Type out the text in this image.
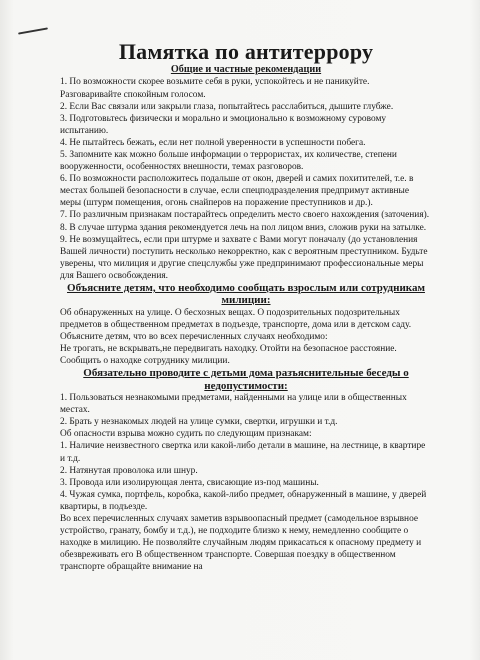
Памятка по антитеррору
Общие и частные рекомендации

1. По возможности скорее возьмите себя в руки, успокойтесь и не паникуйте. Разговаривайте спокойным голосом.

2. Если Вас связали или закрыли глаза, попытайтесь расслабиться, дышите глубже.

3. Подготовьтесь физически и морально и эмоционально к возможному суровому испытанию.

4. Не пытайтесь бежать, если нет полной уверенности в успешности побега.

5. Запомните как можно больше информации о террористах, их количестве, степени вооруженности, особенностях внешности, темах разговоров.

6. По возможности расположитесь подальше от окон, дверей и самих похитителей, т.е. в местах большей безопасности в случае, если спецподразделения предпримут активные меры (штурм помещения, огонь снайперов на поражение преступников и др.).

7. По различным признакам постарайтесь определить место своего нахождения (заточения).

8. В случае штурма здания рекомендуется лечь на пол лицом вниз, сложив руки на затылке.

9. Не возмущайтесь, если при штурме и захвате с Вами могут поначалу (до установления Вашей личности) поступить несколько некорректно, как с вероятным преступником. Будьте уверены, что милиция и другие спецслужбы уже предпринимают профессиональные меры для Вашего освобождения.

Объясните детям, что необходимо сообщать взрослым или сотрудникам милиции:

Об обнаруженных на улице. О бесхозных вещах. О подозрительных подозрительных предметов в общественном предметах в подъезде, транспорте, дома или в детском саду.

Объясните детям, что во всех перечисленных случаях необходимо:

Не трогать, не вскрывать,не передвигать находку. Отойти на безопасное расстояние. Сообщить о находке сотруднику милиции.

Обязательно проводите с детьми дома разъяснительные беседы о недопустимости:

1. Пользоваться незнакомыми предметами, найденными на улице или в общественных местах.

2. Брать у незнакомых людей на улице сумки, свертки, игрушки и т.д.

Об опасности взрыва можно судить по следующим признакам:

1. Наличие неизвестного свертка или какой-либо детали в машине, на лестнице, в квартире и т.д.

2. Натянутая проволока или шнур.

3. Провода или изолирующая лента, свисающие из-под машины.

4. Чужая сумка, портфель, коробка, какой-либо предмет, обнаруженный в машине, у дверей квартиры, в подъезде.

Во всех перечисленных случаях заметив взрывоопасный предмет (самодельное взрывное устройство, гранату, бомбу и т.д.), не подходите близко к нему, немедленно сообщите о находке в милицию. Не позволяйте случайным людям прикасаться к опасному предмету и обезвреживать его В общественном транспорте. Совершая поездку в общественном транспорте обращайте внимание на
